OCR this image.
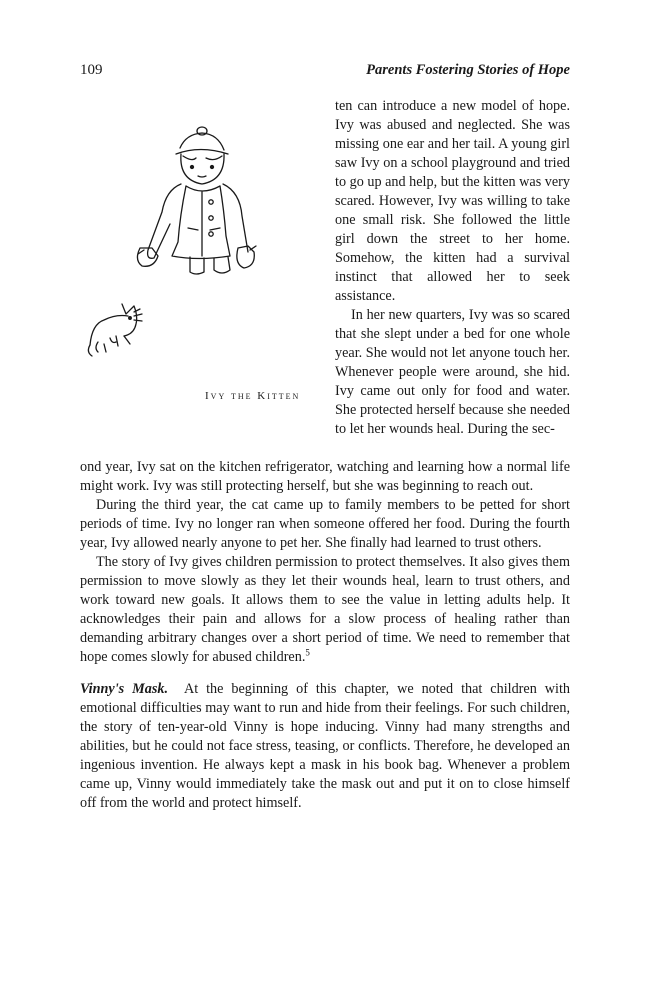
109	Parents Fostering Stories of Hope
Ivy the Kitten

ten can introduce a new model of hope. Ivy was abused and neglected. She was missing one ear and her tail. A young girl saw Ivy on a school playground and tried to go up and help, but the kitten was very scared. However, Ivy was willing to take one small risk. She followed the little girl down the street to her home. Somehow, the kitten had a survival instinct that allowed her to seek assistance.

In her new quarters, Ivy was so scared that she slept under a bed for one whole year. She would not let anyone touch her. Whenever people were around, she hid. Ivy came out only for food and water. She protected herself because she needed to let her wounds heal. During the sec-

ond year, Ivy sat on the kitchen refrigerator, watching and learning how a normal life might work. Ivy was still protecting herself, but she was beginning to reach out.

During the third year, the cat came up to family members to be petted for short periods of time. Ivy no longer ran when someone offered her food. During the fourth year, Ivy allowed nearly anyone to pet her. She finally had learned to trust others.

The story of Ivy gives children permission to protect themselves. It also gives them permission to move slowly as they let their wounds heal, learn to trust others, and work toward new goals. It allows them to see the value in letting adults help. It acknowledges their pain and allows for a slow process of healing rather than demanding arbitrary changes over a short period of time. We need to remember that hope comes slowly for abused children.$^5$

Vinny's Mask. At the beginning of this chapter, we noted that children with emotional difficulties may want to run and hide from their feelings. For such children, the story of ten-year-old Vinny is hope inducing. Vinny had many strengths and abilities, but he could not face stress, teasing, or conflicts. Therefore, he developed an ingenious invention. He always kept a mask in his book bag. Whenever a problem came up, Vinny would immediately take the mask out and put it on to close himself off from the world and protect himself.
